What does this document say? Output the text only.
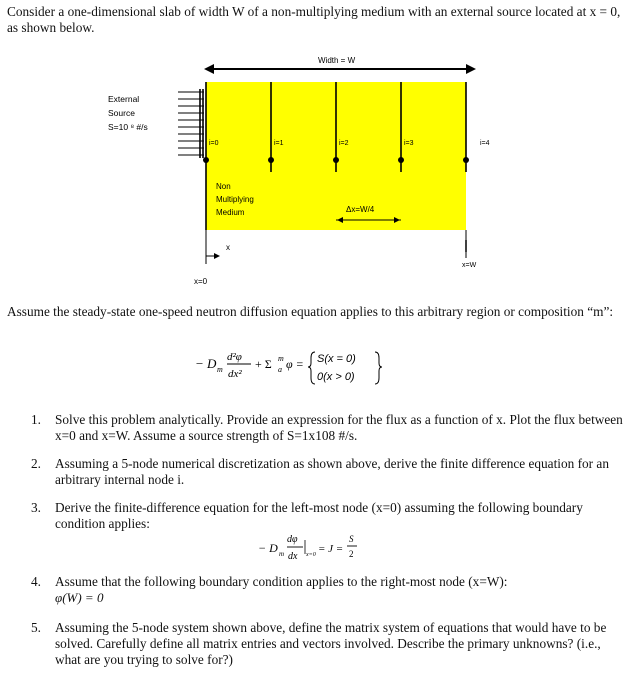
Consider a one-dimensional slab of width W of a non-multiplying medium with an external source located at x = 0, as shown below.
Width = W
External
Source
S=10 ⁸ #/s
i=0	i=1	i=2	i=3	i=4
Non
Multiplying
Medium	Δx=W/4
x
x=0
x=W
Assume the steady-state one-speed neutron diffusion equation applies to this arbitrary region or composition “m”:
− D m
d²φ
dx²
+ Σ m
a φ = S(x = 0)
0(x > 0)
1. Solve this problem analytically. Provide an expression for the flux as a function of x. Plot the flux between x=0 and x=W. Assume a source strength of S=1x108 #/s.
2. Assuming a 5-node numerical discretization as shown above, derive the finite difference equation for an arbitrary internal node i.
3. Derive the finite-difference equation for the left-most node (x=0) assuming the following boundary condition applies:
4. Assume that the following boundary condition applies to the right-most node (x=W):
5. Assuming the 5-node system shown above, define the matrix system of equations that would have to be solved. Carefully define all matrix entries and vectors involved. Describe the primary unknowns? (i.e., what are you trying to solve for?)
− D m
dφ
dx x=0 = J =
S
2
φ(W) = 0
